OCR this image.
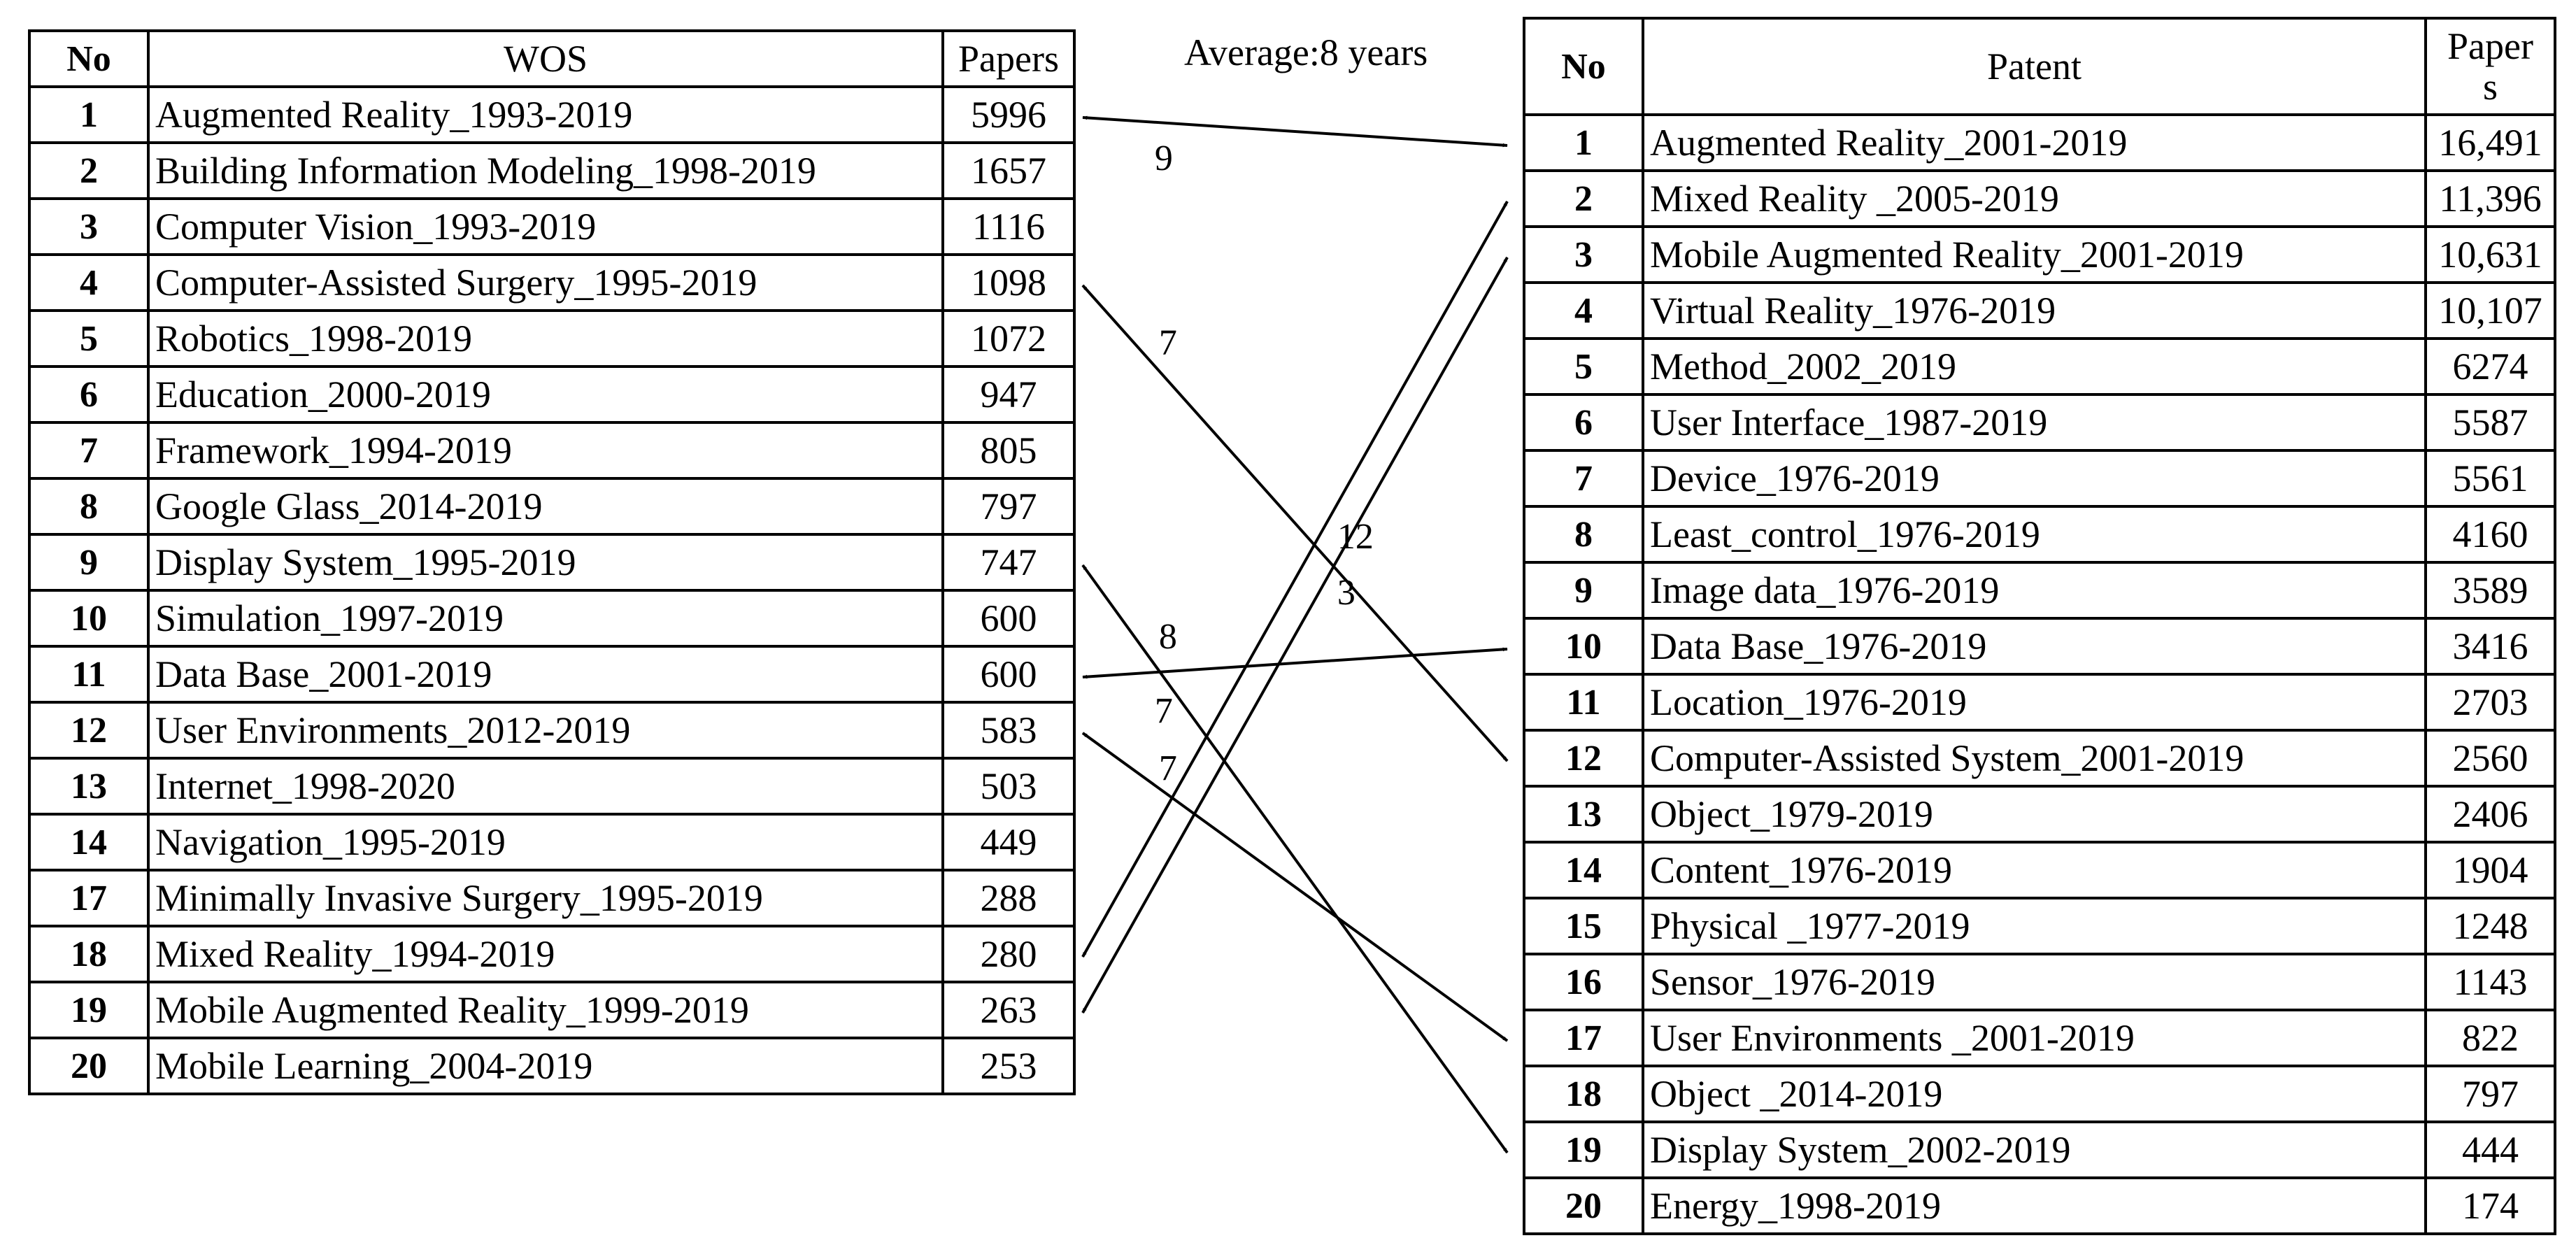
Average:8 years
No	WOS	Papers
1	Augmented Reality_1993-2019	5996
2	Building Information Modeling_1998-2019	1657
3	Computer Vision_1993-2019	1116
4	Computer-Assisted Surgery_1995-2019	1098
5	Robotics_1998-2019	1072
6	Education_2000-2019	947
7	Framework_1994-2019	805
8	Google Glass_2014-2019	797
9	Display System_1995-2019	747
10	Simulation_1997-2019	600
11	Data Base_2001-2019	600
12	User Environments_2012-2019	583
13	Internet_1998-2020	503
14	Navigation_1995-2019	449
17	Minimally Invasive Surgery_1995-2019	288
18	Mixed Reality_1994-2019	280
19	Mobile Augmented Reality_1999-2019	263
20	Mobile Learning_2004-2019	253
No	Patent	Paper
s

1	Augmented Reality_2001-2019	16,491
2	Mixed Reality _2005-2019	11,396
3	Mobile Augmented Reality_2001-2019	10,631
4	Virtual Reality_1976-2019	10,107
5	Method_2002_2019	6274
6	User Interface_1987-2019	5587
7	Device_1976-2019	5561
8	Least_control_1976-2019	4160
9	Image data_1976-2019	3589
10	Data Base_1976-2019	3416
11	Location_1976-2019	2703
12	Computer-Assisted System_2001-2019	2560
13	Object_1979-2019	2406
14	Content_1976-2019	1904
15	Physical _1977-2019	1248
16	Sensor_1976-2019	1143
17	User Environments _2001-2019	822
18	Object _2014-2019	797
19	Display System_2002-2019	444
20	Energy_1998-2019	174
9
12
3
7
7
8
7
